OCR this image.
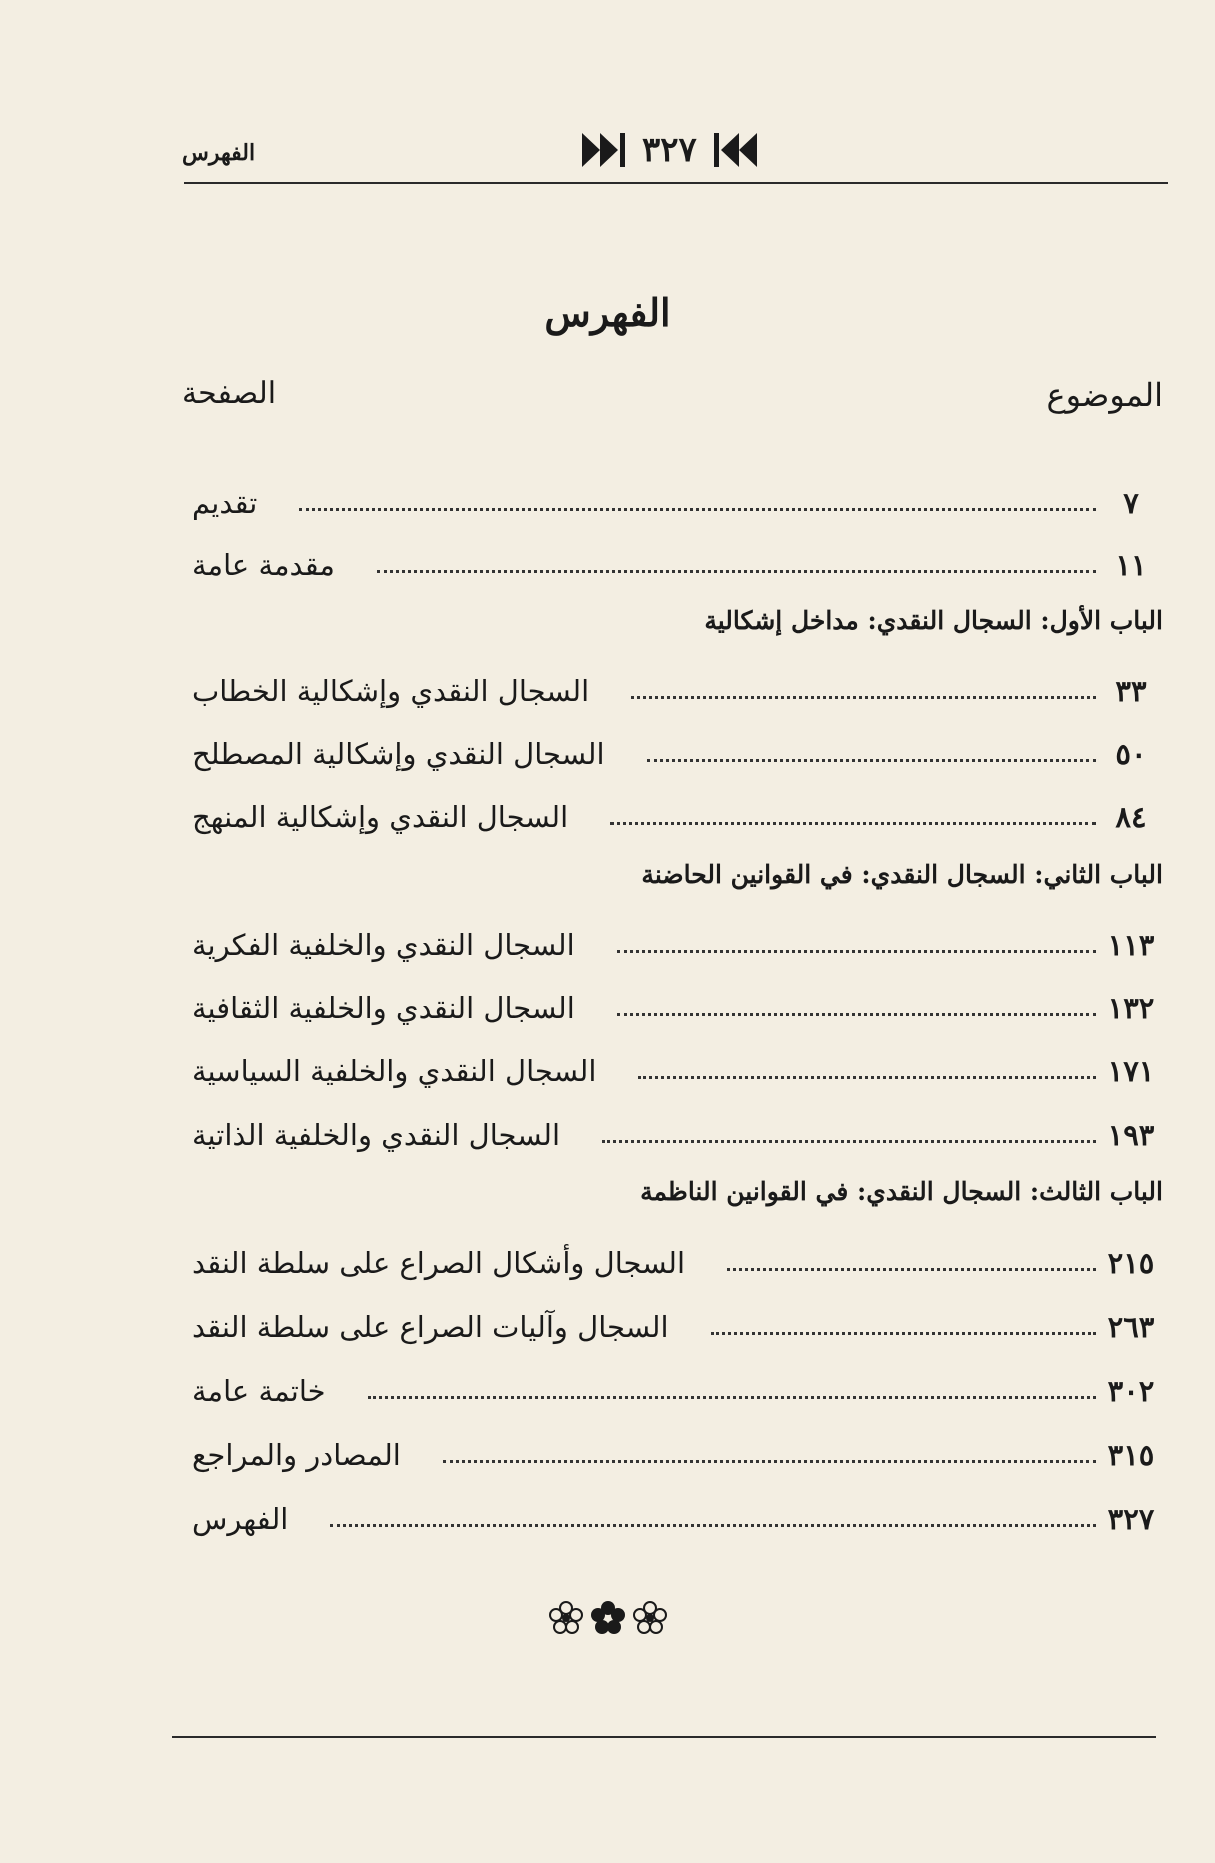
الفهرس	٣٢٧
الفهرس
الموضوع
الصفحة
تقديم	٧
مقدمة عامة	١١
الباب الأول: السجال النقدي: مداخل إشكالية
السجال النقدي وإشكالية الخطاب	٣٣
السجال النقدي وإشكالية المصطلح	٥٠
السجال النقدي وإشكالية المنهج	٨٤
الباب الثاني: السجال النقدي: في القوانين الحاضنة
السجال النقدي والخلفية الفكرية	١١٣
السجال النقدي والخلفية الثقافية	١٣٢
السجال النقدي والخلفية السياسية	١٧١
السجال النقدي والخلفية الذاتية	١٩٣
الباب الثالث: السجال النقدي: في القوانين الناظمة
السجال وأشكال الصراع على سلطة النقد	٢١٥
السجال وآليات الصراع على سلطة النقد	٢٦٣
خاتمة عامة	٣٠٢
المصادر والمراجع	٣١٥
الفهرس	٣٢٧
